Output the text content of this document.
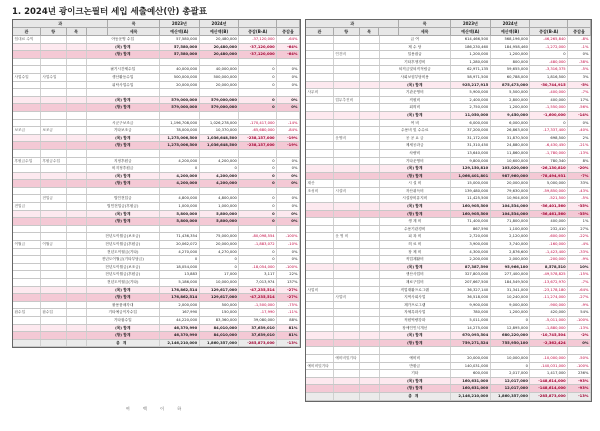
1. 2024년 광이크논필터 세입 세출예산(안) 총괄표
과	목	2023년	2024년
관	항	목	세목	예산액(A)	예산액(B)	증감(B-A)	증감율
임대료 수익	아동운영 수입	57,580,000	20,480,000	-37,120,000	-64%
(목) 합계	57,580,000	20,480,000	-37,120,000	-64%
(항) 합계	57,580,000	20,480,000	-37,120,000	-64%
필기시간제수입	40,000,000	40,000,000	0	0%
사업수입	사업수입	생산활동수입	500,000,000	500,000,000	0	0%
위탁사업수입	20,000,000	20,000,000	0	0%
(목) 합계	579,000,000	579,000,000	0	0%
(항) 합계	579,000,000	579,000,000	0	0%
시군구보조금	1,196,708,000	1,026,278,000	-170,417,000	-14%
보조금	보조금	기타보조금	78,000,000	10,370,000	-65,680,000	-84%
(목) 합계	1,275,006,500	1,036,648,500	-238,157,000	-19%
(항) 합계	1,275,006,500	1,036,648,500	-238,157,000	-19%
후원금수입	후원금수입	지정후원금	4,200,000	4,200,000	0	0%
비지정후원금	0	0	0	0%
(목) 합계	4,200,000	4,200,000	0	0%
(항) 합계	4,200,000	4,200,000	0	0%
전입금	법인전입금	4,800,000	4,800,000	0	0%
전입금	법인전입금(후원금)	1,000,000	1,000,000	0	0%
(목) 합계	5,800,000	5,800,000	0	0%
(항) 합계	5,800,000	5,800,000	0	0%
전년도이월금(보조금)	71,436,354	75,000,000	-80,098,554	-100%
이월금	이월금	전년도이월금(후원금)	20,062,072	20,000,000	-1,883,072	-10%
전년도이월금(기타)	4,270,000	4,270,000	0	0%
전년도이월금(기타부담금)	0	0	0	0%
전년도이월금(보조금)	18,054,000	0	-18,054,000	-100%
전년도이월금(후원금)	13,883	17,000	3,117	22%
전년도이월금(기타)	5,186,000	10,000,000	7,013,974	137%
(목) 합계	176,862,514	129,617,000	-47,235,514	-27%
(항) 합계	176,862,514	129,617,000	-47,235,514	-27%
불용품매각대	2,000,000	500,000	-1,500,000	-75%
잡수입	잡수입	기타예금이자수입	167,990	150,000	-17,990	-11%
기타잡수입	44,220,000	83,360,000	39,080,000	88%
(목) 합계	46,370,990	84,010,000	37,639,010	81%
(항) 합계	46,370,990	84,010,000	37,639,010	81%
총계	2,146,210,000	1,860,357,000	-285,873,000	-13%
여 백 이 하
과	목	2023년	2024년
관	항	목	세목	예산액(A)	예산액(B)	증감(B-A)	증감율
급 여	614,466,500	568,196,000	-46,265,840	-8%
제 수 당	186,230,460	184,958,460	-1,272,000	-1%
인건비	일용잡급	1,200,000	1,200,000	0	0%
기타후생경비	1,280,000	800,000	-480,000	-38%
퇴직금및퇴직적립금	62,971,135	59,655,000	-3,316,375	-5%
사회보험부담비용	58,971,500	60,788,000	1,816,500	3%
(목) 합계	925,217,915	875,473,000	-50,744,915	-5%
사무비	기관운영비	5,900,000	5,500,000	-400,000	-7%
업무추진비	직원비	2,400,000	2,800,000	400,000	17%
회의비	2,750,000	1,200,000	-1,550,000	-56%
(목) 합계	11,050,000	9,450,000	-1,600,000	-14%
여 비	6,000,000	6,000,000	0	0%
수용비 및 수수료	37,200,000	26,863,000	-17,337,400	-40%
운영비	공 공 요 금	31,172,000	31,870,500	698,500	2%
제세공과금	31,310,450	24,880,000	-6,430,450	-21%
차량비	13,640,000	11,860,000	-1,780,000	-13%
기타운영비	9,800,000	10,600,000	780,340	8%
(목) 합계	129,150,810	103,020,000	-26,130,810	-20%
(항) 합계	1,066,401,801	987,960,000	-78,494,931	-7%
재산	시 설 비	15,000,000	20,000,000	5,000,000	33%
조성비	시설비	자산취득비	139,480,000	79,630,000	-59,850,000	-43%
시설장비유지비	11,425,500	10,904,000	-521,500	-5%
(목) 합계	160,905,500	104,534,000	-56,401,560	-35%
(항) 합계	160,905,500	104,534,000	-56,461,560	-35%
생 계 비	71,400,000	71,800,000	400,000	1%
수용기관경비	867,590	1,100,000	232,410	27%
운 영 비	피 복 비	2,720,000	2,120,000	-600,000	-22%
의 료 비	3,900,000	3,740,000	-160,000	-4%
장 제 비	4,300,000	2,876,600	-1,423,400	-33%
직업재활비	2,200,000	2,000,000	-200,000	-9%
(목) 합계	87,387,590	95,966,100	8,578,510	10%
생산사업비	327,803,000	277,400,000	-49,578,825	-15%
재료구입비	207,667,500	184,549,500	-13,672,970	-7%
사업비	직업재활프로그램	36,327,140	31,341,000	-23,178,180	-64%
사업비	지역사회사업	36,518,000	10,240,000	-11,274,000	-27%
재가프로그램	9,900,000	9,000,000	-900,000	-9%
자체특화사업	780,000	1,200,000	420,000	54%
직원역량강화	5,011,000	0	-5,011,000	-100%
장애인인식개선	14,275,000	12,895,000	-1,880,000	-13%
(목) 합계	670,093,504	680,220,000	-10,745,504	-2%
(항) 합계	759,271,524	755,950,100	-2,362,424	0%
예비비및기타	예비비	20,000,000	10,000,000	-10,000,000	-50%
예비비및기타	반환금	140,031,000	0	-140,031,000	-100%
기타	600,000	2,017,000	1,417,000	236%
(목) 합계	160,631,000	12,017,000	-148,614,000	-93%
(항) 합계	160,631,000	12,017,000	-148,614,000	-93%
총계	2,146,210,000	1,860,357,000	-285,873,000	-13%
